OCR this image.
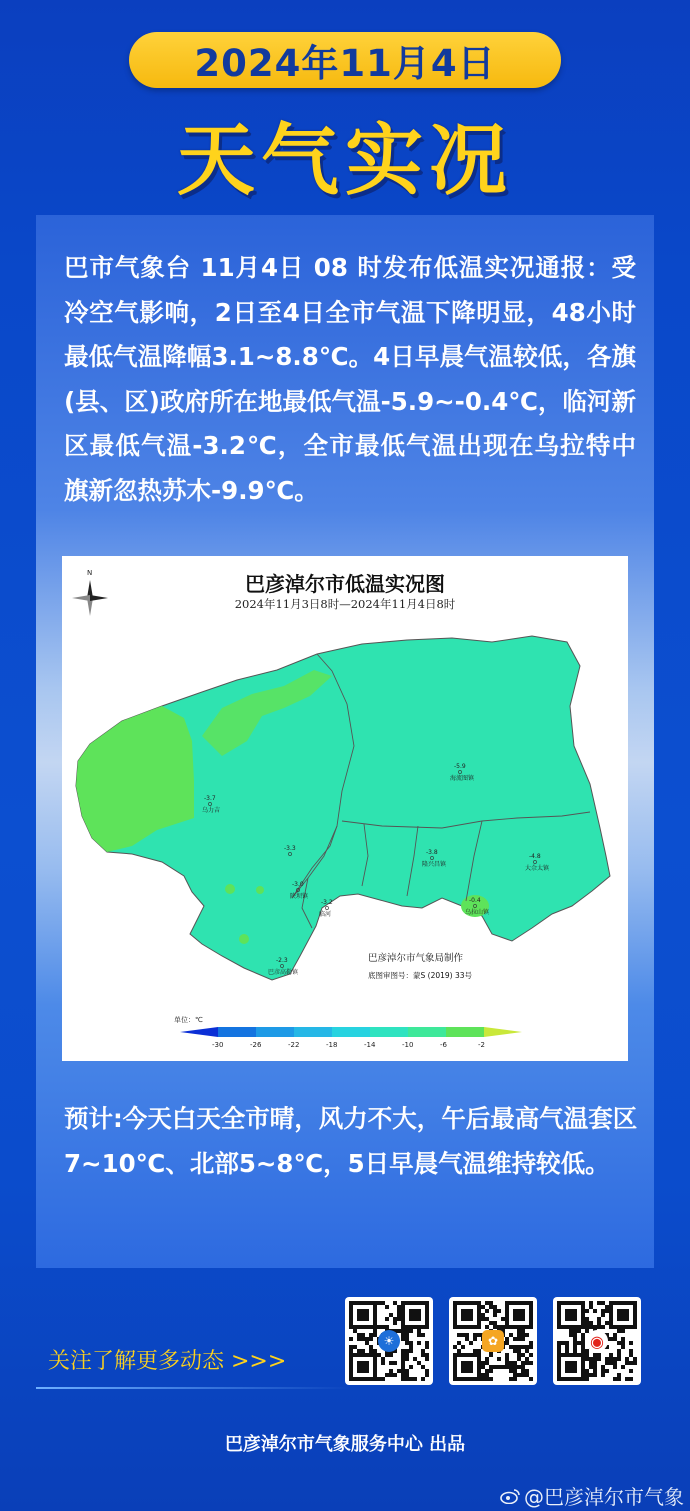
2024年11月4日
天气实况

巴市气象台 11月4日 08 时发布低温实况通报：受冷空气影响，2日至4日全市气温下降明显，48小时最低气温降幅3.1~8.8℃。4日早晨气温较低，各旗(县、区)政府所在地最低气温-5.9~-0.4℃，临河新区最低气温-3.2℃，全市最低气温出现在乌拉特中旗新忽热苏木-9.9℃。

N
-5.9
海流图镇
-3.7
乌力吉
-3.3
-3.0
陕坝镇
-3.2
临河
-3.8
隆兴昌镇
-4.8
大佘太镇
-0.4
乌拉山镇
-2.3
巴彦高勒镇
巴彦淖尔市气象局制作
底图审图号：蒙S (2019) 33号
单位：℃
-30	-26	-22	-18	-14	-10	-6	-2
巴彦淖尔市低温实况图
2024年11月3日8时—2024年11月4日8时

预计:今天白天全市晴，风力不大，午后最高气温套区7~10℃、北部5~8℃，5日早晨气温维持较低。

关注了解更多动态 >>>
☀	✿	◉
巴彦淖尔市气象服务中心 出品
@巴彦淖尔市气象
